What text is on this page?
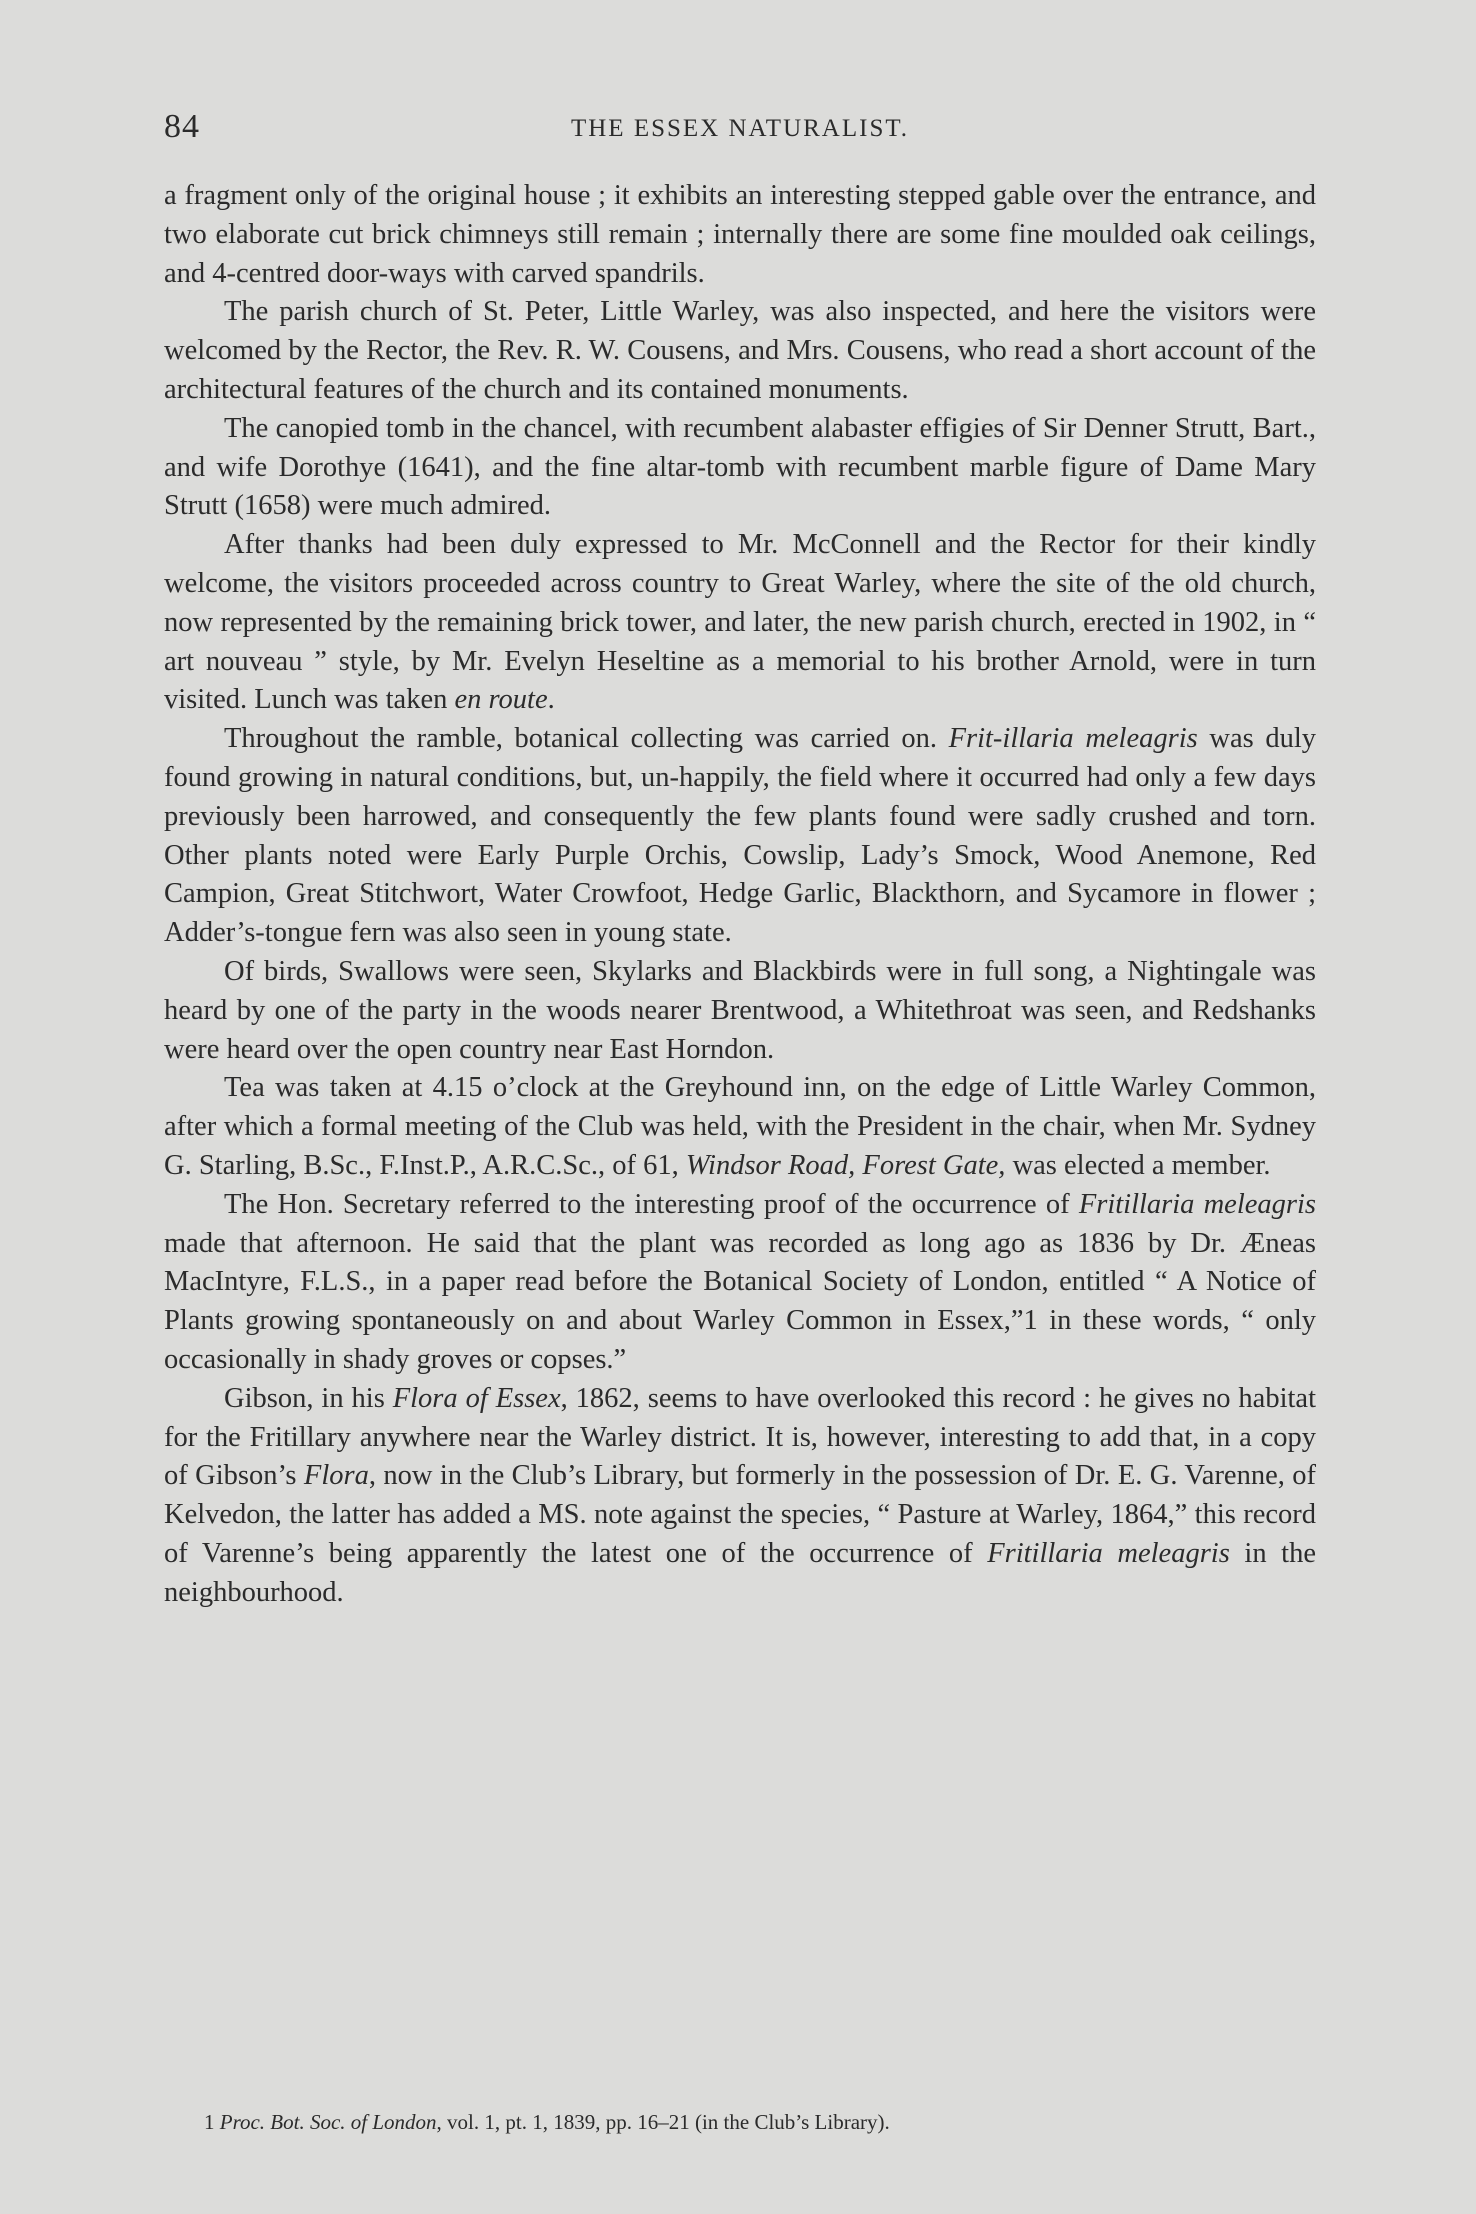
84	THE ESSEX NATURALIST.

a fragment only of the original house ; it exhibits an interesting stepped gable over the entrance, and two elaborate cut brick chimneys still remain ; internally there are some fine moulded oak ceilings, and 4-centred door-ways with carved spandrils.

The parish church of St. Peter, Little Warley, was also inspected, and here the visitors were welcomed by the Rector, the Rev. R. W. Cousens, and Mrs. Cousens, who read a short account of the architectural features of the church and its contained monuments.

The canopied tomb in the chancel, with recumbent alabaster effigies of Sir Denner Strutt, Bart., and wife Dorothye (1641), and the fine altar-tomb with recumbent marble figure of Dame Mary Strutt (1658) were much admired.

After thanks had been duly expressed to Mr. McConnell and the Rector for their kindly welcome, the visitors proceeded across country to Great Warley, where the site of the old church, now represented by the remaining brick tower, and later, the new parish church, erected in 1902, in “ art nouveau ” style, by Mr. Evelyn Heseltine as a memorial to his brother Arnold, were in turn visited. Lunch was taken en route.

Throughout the ramble, botanical collecting was carried on. Frit-illaria meleagris was duly found growing in natural conditions, but, un-happily, the field where it occurred had only a few days previously been harrowed, and consequently the few plants found were sadly crushed and torn. Other plants noted were Early Purple Orchis, Cowslip, Lady’s Smock, Wood Anemone, Red Campion, Great Stitchwort, Water Crowfoot, Hedge Garlic, Blackthorn, and Sycamore in flower ; Adder’s-tongue fern was also seen in young state.

Of birds, Swallows were seen, Skylarks and Blackbirds were in full song, a Nightingale was heard by one of the party in the woods nearer Brentwood, a Whitethroat was seen, and Redshanks were heard over the open country near East Horndon.

Tea was taken at 4.15 o’clock at the Greyhound inn, on the edge of Little Warley Common, after which a formal meeting of the Club was held, with the President in the chair, when Mr. Sydney G. Starling, B.Sc., F.Inst.P., A.R.C.Sc., of 61, Windsor Road, Forest Gate, was elected a member.

The Hon. Secretary referred to the interesting proof of the occurrence of Fritillaria meleagris made that afternoon. He said that the plant was recorded as long ago as 1836 by Dr. Æneas MacIntyre, F.L.S., in a paper read before the Botanical Society of London, entitled “ A Notice of Plants growing spontaneously on and about Warley Common in Essex,”1 in these words, “ only occasionally in shady groves or copses.”

Gibson, in his Flora of Essex, 1862, seems to have overlooked this record : he gives no habitat for the Fritillary anywhere near the Warley district. It is, however, interesting to add that, in a copy of Gibson’s Flora, now in the Club’s Library, but formerly in the possession of Dr. E. G. Varenne, of Kelvedon, the latter has added a MS. note against the species, “ Pasture at Warley, 1864,” this record of Varenne’s being apparently the latest one of the occurrence of Fritillaria meleagris in the neighbourhood.

1 Proc. Bot. Soc. of London, vol. 1, pt. 1, 1839, pp. 16–21 (in the Club’s Library).
